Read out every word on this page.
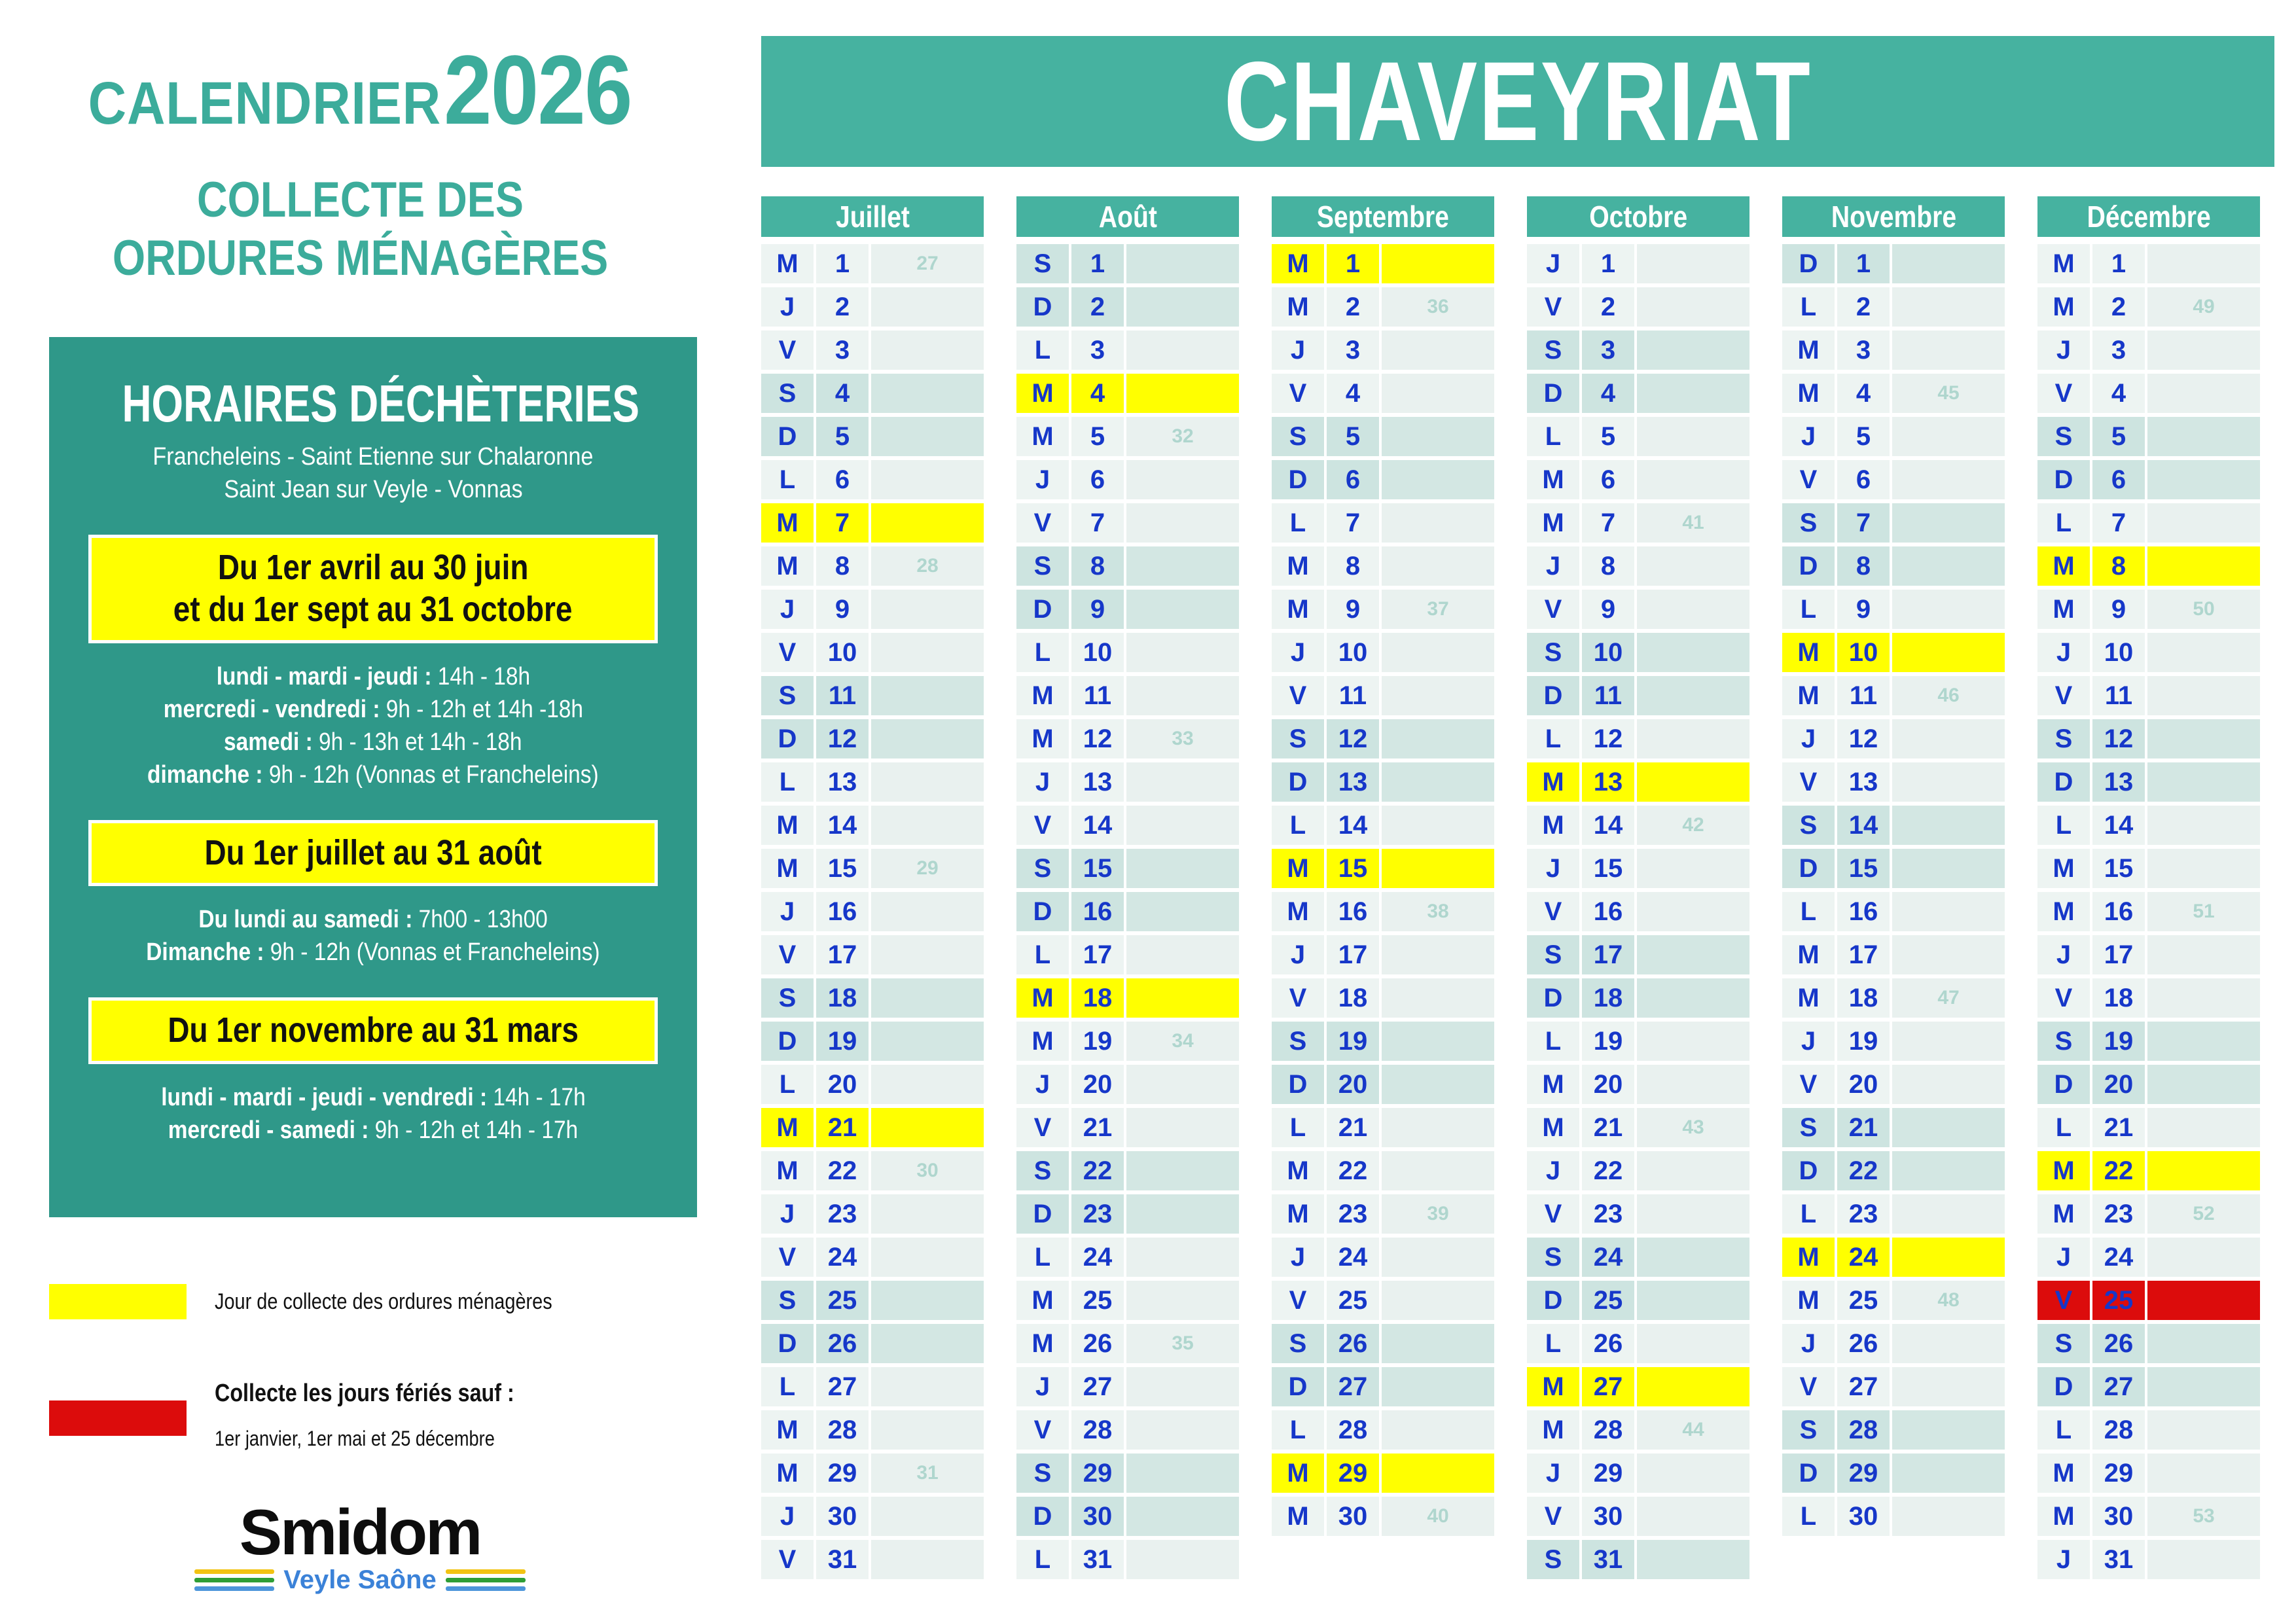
CALENDRIER 2026
COLLECTE DES
ORDURES MÉNAGÈRES
HORAIRES DÉCHÈTERIES
Francheleins - Saint Etienne sur Chalaronne
Saint Jean sur Veyle - Vonnas
Du 1er avril au 30 juin
et du 1er sept au 31 octobre
lundi - mardi - jeudi : 14h - 18h
mercredi - vendredi : 9h - 12h et 14h -18h
samedi : 9h - 13h et 14h - 18h
dimanche : 9h - 12h (Vonnas et Francheleins)
Du 1er juillet au 31 août
Du lundi au samedi : 7h00 - 13h00
Dimanche : 9h - 12h (Vonnas et Francheleins)
Du 1er novembre au 31 mars
lundi - mardi - jeudi - vendredi : 14h - 17h
mercredi - samedi : 9h - 12h et 14h - 17h
Jour de collecte des ordures ménagères
Collecte les jours fériés sauf :
1er janvier, 1er mai et 25 décembre
Smidom
Veyle Saône
CHAVEYRIAT
Juillet
M	1	27
J	2
V	3
S	4
D	5
L	6
M	7
M	8	28
J	9
V	10
S	11
D	12
L	13
M	14
M	15	29
J	16
V	17
S	18
D	19
L	20
M	21
M	22	30
J	23
V	24
S	25
D	26
L	27
M	28
M	29	31
J	30
V	31
Août
S	1
D	2
L	3
M	4
M	5	32
J	6
V	7
S	8
D	9
L	10
M	11
M	12	33
J	13
V	14
S	15
D	16
L	17
M	18
M	19	34
J	20
V	21
S	22
D	23
L	24
M	25
M	26	35
J	27
V	28
S	29
D	30
L	31
Septembre
M	1
M	2	36
J	3
V	4
S	5
D	6
L	7
M	8
M	9	37
J	10
V	11
S	12
D	13
L	14
M	15
M	16	38
J	17
V	18
S	19
D	20
L	21
M	22
M	23	39
J	24
V	25
S	26
D	27
L	28
M	29
M	30	40
Octobre
J	1
V	2
S	3
D	4
L	5
M	6
M	7	41
J	8
V	9
S	10
D	11
L	12
M	13
M	14	42
J	15
V	16
S	17
D	18
L	19
M	20
M	21	43
J	22
V	23
S	24
D	25
L	26
M	27
M	28	44
J	29
V	30
S	31
Novembre
D	1
L	2
M	3
M	4	45
J	5
V	6
S	7
D	8
L	9
M	10
M	11	46
J	12
V	13
S	14
D	15
L	16
M	17
M	18	47
J	19
V	20
S	21
D	22
L	23
M	24
M	25	48
J	26
V	27
S	28
D	29
L	30
Décembre
M	1
M	2	49
J	3
V	4
S	5
D	6
L	7
M	8
M	9	50
J	10
V	11
S	12
D	13
L	14
M	15
M	16	51
J	17
V	18
S	19
D	20
L	21
M	22
M	23	52
J	24
V	25
S	26
D	27
L	28
M	29
M	30	53
J	31
